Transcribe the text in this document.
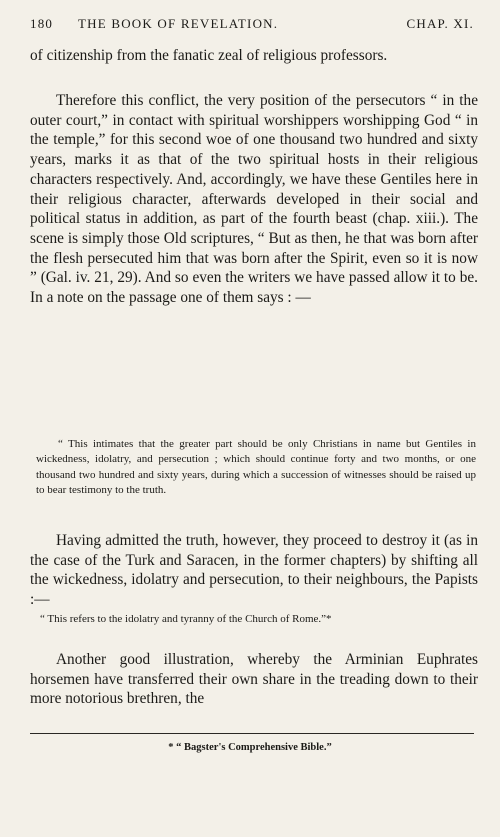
180 THE BOOK OF REVELATION.	CHAP. XI.

of citizenship from the fanatic zeal of religious professors.

Therefore this conflict, the very position of the persecutors “ in the outer court,” in contact with spiritual worshippers worshipping God “ in the temple,” for this second woe of one thousand two hundred and sixty years, marks it as that of the two spiritual hosts in their religious characters respectively. And, accordingly, we have these Gentiles here in their religious character, afterwards developed in their social and political status in addition, as part of the fourth beast (chap. xiii.). The scene is simply those Old scriptures, “ But as then, he that was born after the flesh persecuted him that was born after the Spirit, even so it is now ” (Gal. iv. 21, 29). And so even the writers we have passed allow it to be. In a note on the passage one of them says : —

“ This intimates that the greater part should be only Christians in name but Gentiles in wickedness, idolatry, and persecution ; which should continue forty and two months, or one thousand two hundred and sixty years, during which a succession of witnesses should be raised up to bear testimony to the truth.

Having admitted the truth, however, they proceed to destroy it (as in the case of the Turk and Saracen, in the former chapters) by shifting all the wickedness, idolatry and persecution, to their neighbours, the Papists :—

“ This refers to the idolatry and tyranny of the Church of Rome.”*

Another good illustration, whereby the Arminian Euphrates horsemen have transferred their own share in the treading down to their more notorious brethren, the

* “ Bagster's Comprehensive Bible.”
